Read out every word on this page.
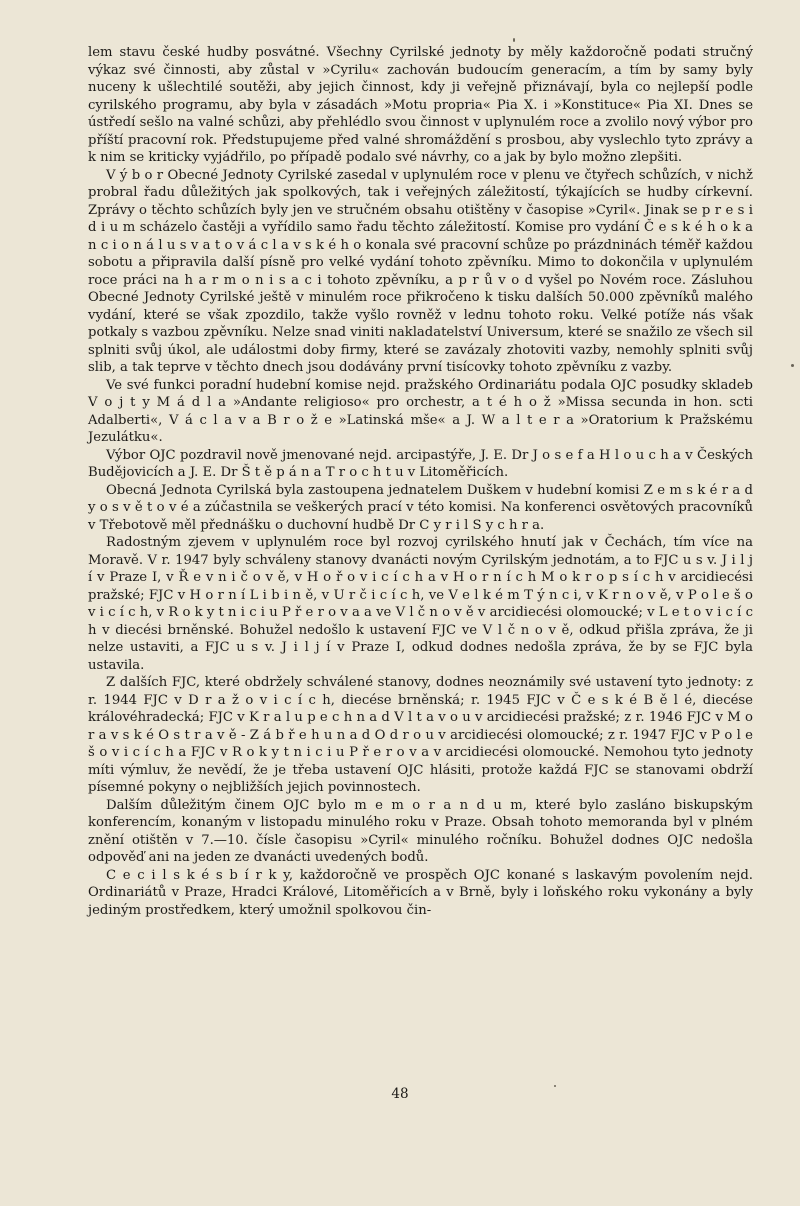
lem stavu české hudby posvátné. Všechny Cyrilské jednoty by měly každoročně podati stručný výkaz své činnosti, aby zůstal v »Cyrilu« zachován budoucím generacím, a tím by samy byly nuceny k ušlechtilé soutěži, aby jejich činnost, kdy ji veřejně přiznávají, byla co nejlepší podle cyrilského programu, aby byla v zásadách »Motu propria« Pia X. i »Konstituce« Pia XI. Dnes se ústředí sešlo na valné schůzi, aby přehlédlo svou činnost v uplynulém roce a zvolilo nový výbor pro příští pracovní rok. Předstupujeme před valné shromáždění s prosbou, aby vyslechlo tyto zprávy a k nim se kriticky vyjádřilo, po případě podalo své návrhy, co a jak by bylo možno zlepšiti.

V ý b o r Obecné Jednoty Cyrilské zasedal v uplynulém roce v plenu ve čtyřech schůzích, v nichž probral řadu důležitých jak spolkových, tak i veřejných záležitostí, týkajících se hudby církevní. Zprávy o těchto schůzích byly jen ve stručném obsahu otištěny v časopise »Cyril«. Jinak se p r e s i d i u m scházelo častěji a vyřídilo samo řadu těchto záležitostí. Komise pro vydání Č e s k é h o k a n c i o n á l u s v a t o v á c l a v s k é h o konala své pracovní schůze po prázdninách téměř každou sobotu a připravila další písně pro velké vydání tohoto zpěvníku. Mimo to dokončila v uplynulém roce práci na h a r m o n i s a c i tohoto zpěvníku, a p r ů v o d vyšel po Novém roce. Zásluhou Obecné Jednoty Cyrilské ještě v minulém roce přikročeno k tisku dalších 50.000 zpěvníků malého vydání, které se však zpozdilo, takže vyšlo rovněž v lednu tohoto roku. Velké potíže nás však potkaly s vazbou zpěvníku. Nelze snad viniti nakladatelství Universum, které se snažilo ze všech sil splniti svůj úkol, ale událostmi doby firmy, které se zavázaly zhotoviti vazby, nemohly splniti svůj slib, a tak teprve v těchto dnech jsou dodávány první tisícovky tohoto zpěvníku z vazby.

Ve své funkci poradní hudební komise nejd. pražského Ordinariátu podala OJC posudky skladeb V o j t y M á d l a »Andante religioso« pro orchestr, a t é h o ž »Missa secunda in hon. scti Adalberti«, V á c l a v a B r o ž e »Latinská mše« a J. W a l t e r a »Oratorium k Pražskému Jezulátku«.

Výbor OJC pozdravil nově jmenované nejd. arcipastýře, J. E. Dr J o s e f a H l o u c h a v Českých Budějovicích a J. E. Dr Š t ě p á n a T r o c h t u v Litoměřicích.

Obecná Jednota Cyrilská byla zastoupena jednatelem Duškem v hudební komisi Z e m s k é r a d y o s v ě t o v é a zúčastnila se veškerých prací v této komisi. Na konferenci osvětových pracovníků v Třebotově měl přednášku o duchovní hudbě Dr C y r i l S y c h r a.

Radostným zjevem v uplynulém roce byl rozvoj cyrilského hnutí jak v Čechách, tím více na Moravě. V r. 1947 byly schváleny stanovy dvanácti novým Cyrilským jednotám, a to FJC u s v. J i l j í v Praze I, v Ř e v n i č o v ě, v H o ř o v i c í c h a v H o r n í c h M o k r o p s í c h v arcidiecési pražské; FJC v H o r n í L i b i n ě, v U r č i c í c h, ve V e l k é m T ý n c i, v K r n o v ě, v P o l e š o v i c í c h, v R o k y t n i c i u P ř e r o v a a ve V l č n o v ě v arcidiecési olomoucké; v L e t o v i c í c h v diecési brněnské. Bohužel nedošlo k ustavení FJC ve V l č n o v ě, odkud přišla zpráva, že ji nelze ustaviti, a FJC u s v. J i l j í v Praze I, odkud dodnes nedošla zpráva, že by se FJC byla ustavila.

Z dalších FJC, které obdržely schválené stanovy, dodnes neoznámily své ustavení tyto jednoty: z r. 1944 FJC v D r a ž o v i c í c h, diecése brněnská; r. 1945 FJC v Č e s k é B ě l é, diecése královéhradecká; FJC v K r a l u p e c h n a d V l t a v o u v arcidiecési pražské; z r. 1946 FJC v M o r a v s k é O s t r a v ě - Z á b ř e h u n a d O d r o u v arcidiecési olomoucké; z r. 1947 FJC v P o l e š o v i c í c h a FJC v R o k y t n i c i u P ř e r o v a v arcidiecési olomoucké. Nemohou tyto jednoty míti výmluv, že nevědí, že je třeba ustavení OJC hlásiti, protože každá FJC se stanovami obdrží písemné pokyny o nejbližších jejich povinnostech.

Dalším důležitým činem OJC bylo m e m o r a n d u m, které bylo zasláno biskupským konferencím, konaným v listopadu minulého roku v Praze. Obsah tohoto memoranda byl v plném znění otištěn v 7.—10. čísle časopisu »Cyril« minulého ročníku. Bohužel dodnes OJC nedošla odpověď ani na jeden ze dvanácti uvedených bodů.

C e c i l s k é s b í r k y, každoročně ve prospěch OJC konané s laskavým povolením nejd. Ordinariátů v Praze, Hradci Králové, Litoměřicích a v Brně, byly i loňského roku vykonány a byly jediným prostředkem, který umožnil spolkovou čin-

48
